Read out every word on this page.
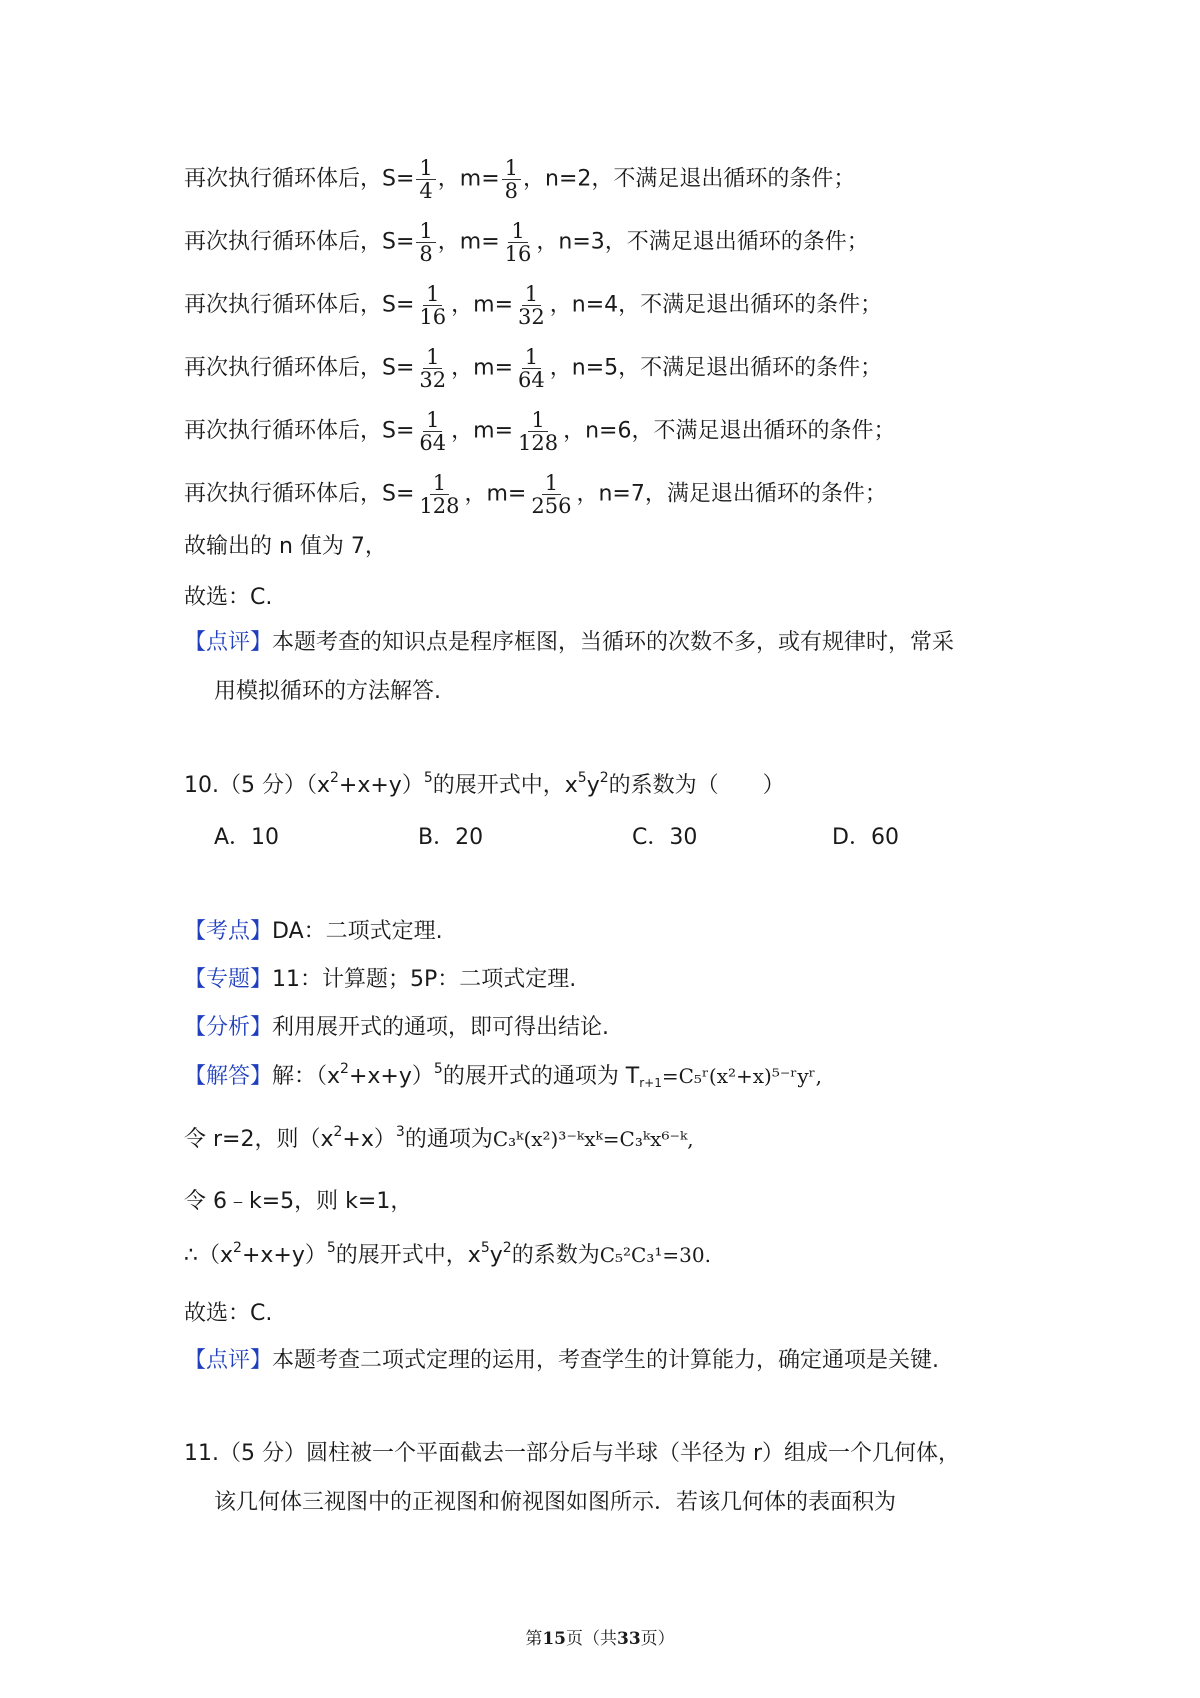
再次执行循环体后，$S= \frac{1}{4}$ ，$m= \frac{1}{8}$ ，n=2，不满足退出循环的条件；
再次执行循环体后，$S= \frac{1}{8}$ ，$m= \frac{1}{16}$ ，n=3，不满足退出循环的条件；
再次执行循环体后，$S= \frac{1}{16}$ ，$m= \frac{1}{32}$ ，n=4，不满足退出循环的条件；
再次执行循环体后，$S= \frac{1}{32}$ ，$m= \frac{1}{64}$ ，n=5，不满足退出循环的条件；
再次执行循环体后，$S= \frac{1}{64}$ ，$m= \frac{1}{128}$ ，n=6，不满足退出循环的条件；
再次执行循环体后，$S= \frac{1}{128}$ ，$m= \frac{1}{256}$ ，n=7，满足退出循环的条件；
故输出的 n 值为 7，
故选：C.
【点评】本题考查的知识点是程序框图，当循环的次数不多，或有规律时，常采
用模拟循环的方法解答.
10.（5 分）$(x^2+x+y)^5$的展开式中，$x^5y^2$的系数为（　　）
A．10	B．20	C．30	D．60
【考点】DA：二项式定理.
【专题】11：计算题；5P：二项式定理.
【分析】利用展开式的通项，即可得出结论.
【解答】解：$(x^2+x+y)^5$的展开式的通项为 $T_{r+1}=C_5ʳ(x^2+x)^{5-}ʳyʳ$,
令 r=2，则$(x^2+x)^3$的通项为C₃ᵏ(x²)³⁻ᵏxᵏ=C₃ᵏx⁶⁻ᵏ,
令 6﹣k=5，则 k=1，
$\therefore(x^2+x+y)^5$的展开式中，$x^5y^2$的系数为C₅²C₃¹=30.
故选：C.
【点评】本题考查二项式定理的运用，考查学生的计算能力，确定通项是关键.
11.（5 分）圆柱被一个平面截去一部分后与半球（半径为 r）组成一个几何体，
该几何体三视图中的正视图和俯视图如图所示．若该几何体的表面积为
第15页（共33页）
